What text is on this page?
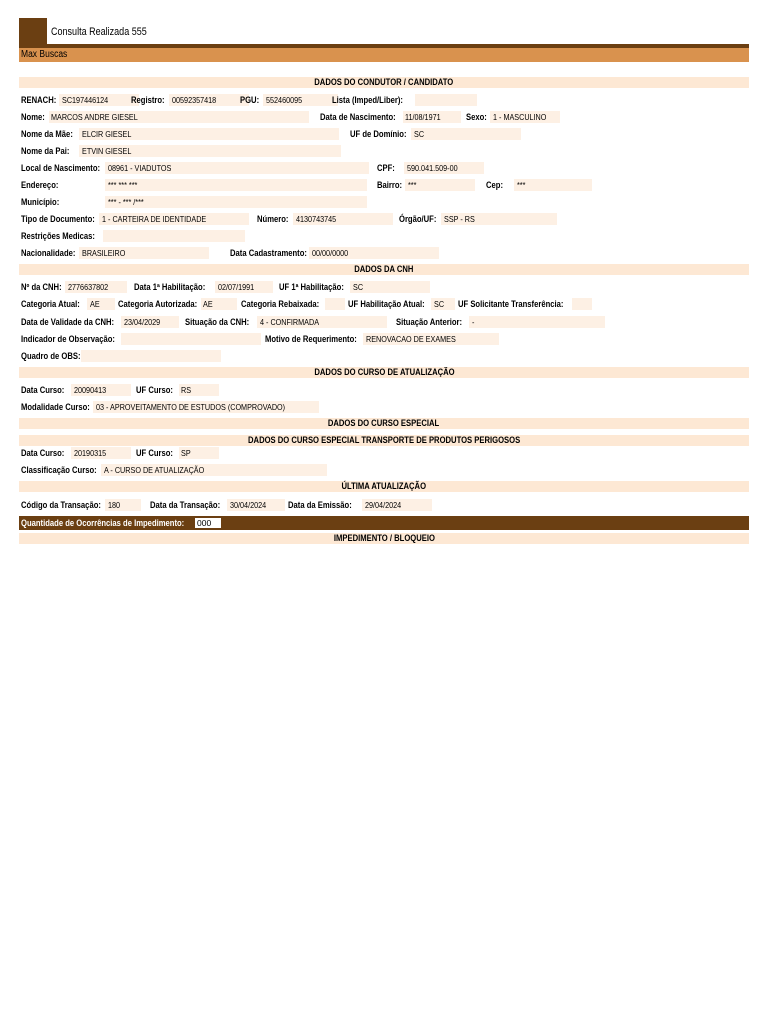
Consulta Realizada 555
Max Buscas
DADOS DO CONDUTOR / CANDIDATO
RENACH: SC197446124	Registro: 00592357418	PGU: 552460095	Lista (Imped/Liber):
Nome: MARCOS ANDRE GIESEL	Data de Nascimento: 11/08/1971	Sexo: 1 - MASCULINO
Nome da Mãe: ELCIR GIESEL	UF de Domínio: SC
Nome da Pai: ETVIN GIESEL
Local de Nascimento: 08961 - VIADUTOS	CPF: 590.041.509-00
Endereço:	*** *** ***	Bairro: ***	Cep: ***
Município:	*** - *** /***
Tipo de Documento: 1 - CARTEIRA DE IDENTIDADE	Número: 4130743745	Órgão/UF: SSP - RS
Restrições Medicas:
Nacionalidade: BRASILEIRO	Data Cadastramento: 00/00/0000
DADOS DA CNH
Nº da CNH: 2776637802	Data 1ª Habilitação: 02/07/1991	UF 1ª Habilitação: SC
Categoria Atual: AE Categoria Autorizada: AE	Categoria Rebaixada:	UF Habilitação Atual: SC UF Solicitante Transferência:
Data de Validade da CNH: 23/04/2029	Situação da CNH: 4 - CONFIRMADA	Situação Anterior: -
Indicador de Observação:	Motivo de Requerimento: RENOVACAO DE EXAMES
Quadro de OBS:
DADOS DO CURSO DE ATUALIZAÇÃO
Data Curso: 20090413	UF Curso: RS
Modalidade Curso: 03 - APROVEITAMENTO DE ESTUDOS (COMPROVADO)
DADOS DO CURSO ESPECIAL
DADOS DO CURSO ESPECIAL TRANSPORTE DE PRODUTOS PERIGOSOS
Data Curso: 20190315	UF Curso: SP
Classificação Curso: A - CURSO DE ATUALIZAÇÃO
ÚLTIMA ATUALIZAÇÃO
Código da Transação: 180	Data da Transação: 30/04/2024 Data da Emissão: 29/04/2024
Quantidade de Ocorrências de Impedimento: 000
IMPEDIMENTO / BLOQUEIO
